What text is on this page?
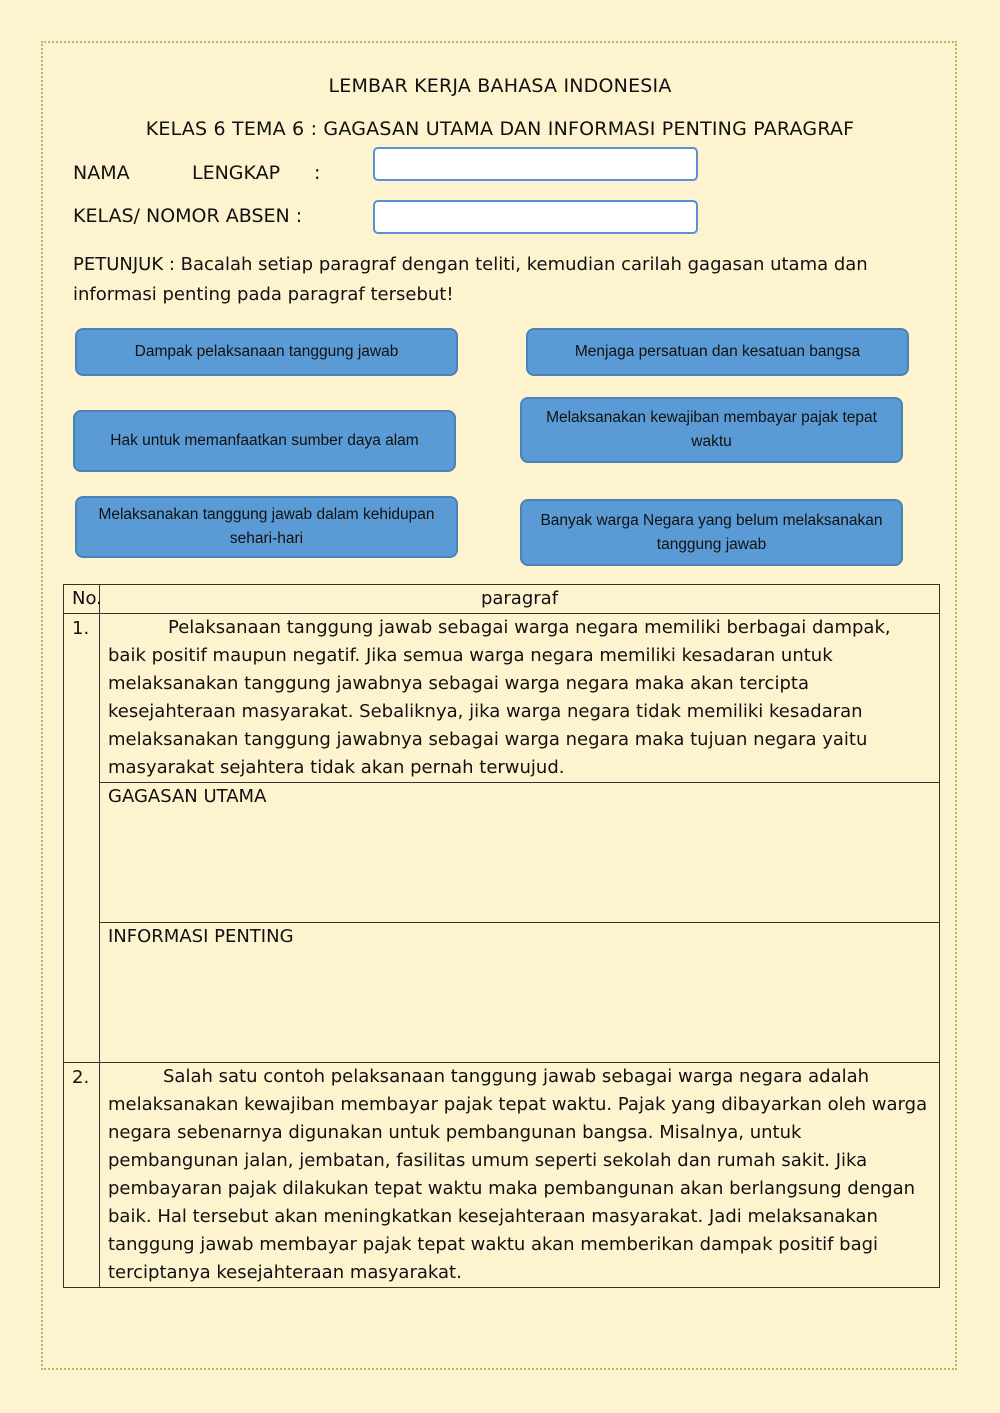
LEMBAR KERJA BAHASA INDONESIA
KELAS 6 TEMA 6 : GAGASAN UTAMA DAN INFORMASI PENTING PARAGRAF
NAMA	LENGKAP :
KELAS/ NOMOR ABSEN :
PETUNJUK : Bacalah setiap paragraf dengan teliti, kemudian carilah gagasan utama dan informasi penting pada paragraf tersebut!
Dampak pelaksanaan tanggung jawab	Menjaga persatuan dan kesatuan bangsa
Hak untuk memanfaatkan sumber daya alam
Melaksanakan kewajiban membayar pajak tepat waktu
Melaksanakan tanggung jawab dalam kehidupan sehari-hari
Banyak warga Negara yang belum melaksanakan tanggung jawab
No.	paragraf
1.	Pelaksanaan tanggung jawab sebagai warga negara memiliki berbagai dampak, baik positif maupun negatif. Jika semua warga negara memiliki kesadaran untuk melaksanakan tanggung jawabnya sebagai warga negara maka akan tercipta kesejahteraan masyarakat. Sebaliknya, jika warga negara tidak memiliki kesadaran melaksanakan tanggung jawabnya sebagai warga negara maka tujuan negara yaitu masyarakat sejahtera tidak akan pernah terwujud.

	GAGASAN UTAMA

	INFORMASI PENTING

2.	Salah satu contoh pelaksanaan tanggung jawab sebagai warga negara adalah melaksanakan kewajiban membayar pajak tepat waktu. Pajak yang dibayarkan oleh warga negara sebenarnya digunakan untuk pembangunan bangsa. Misalnya, untuk pembangunan jalan, jembatan, fasilitas umum seperti sekolah dan rumah sakit. Jika pembayaran pajak dilakukan tepat waktu maka pembangunan akan berlangsung dengan baik. Hal tersebut akan meningkatkan kesejahteraan masyarakat. Jadi melaksanakan tanggung jawab membayar pajak tepat waktu akan memberikan dampak positif bagi terciptanya kesejahteraan masyarakat.
